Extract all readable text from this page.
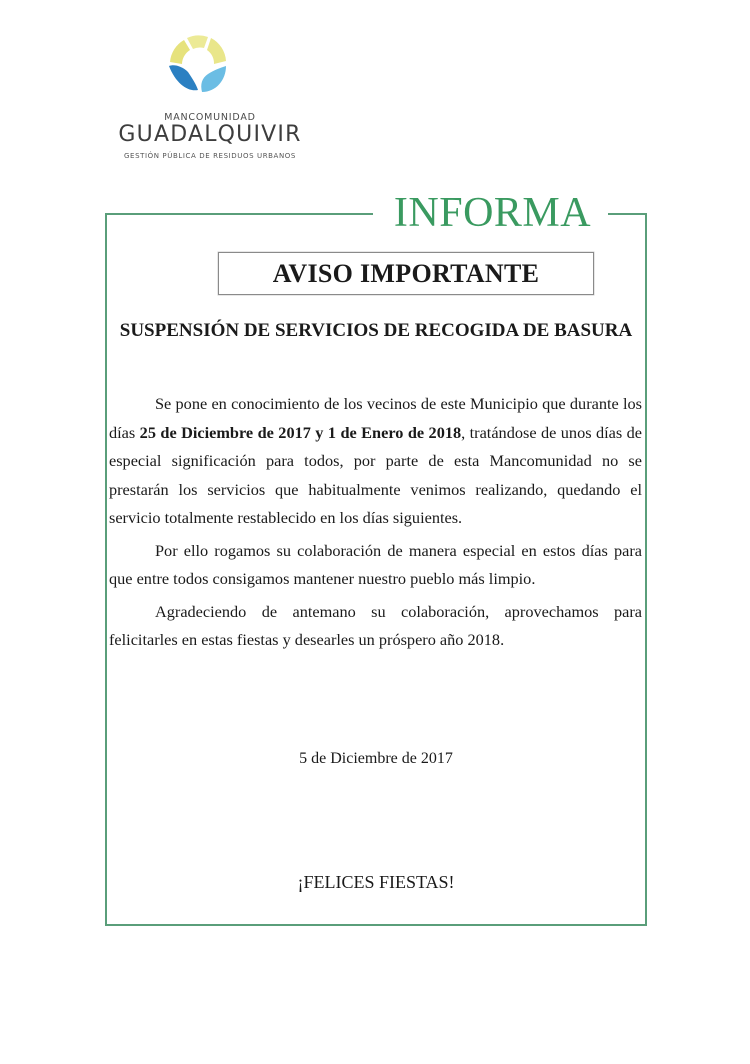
MANCOMUNIDAD
GUADALQUIVIR
GESTIÓN PÚBLICA DE RESIDUOS URBANOS
INFORMA
AVISO IMPORTANTE
SUSPENSIÓN DE SERVICIOS DE RECOGIDA DE BASURA

Se pone en conocimiento de los vecinos de este Municipio que durante los días 25 de Diciembre de 2017 y 1 de Enero de 2018, tratándose de unos días de especial significación para todos, por parte de esta Mancomunidad no se prestarán los servicios que habitualmente venimos realizando, quedando el servicio totalmente restablecido en los días siguientes.

Por ello rogamos su colaboración de manera especial en estos días para que entre todos consigamos mantener nuestro pueblo más limpio.

Agradeciendo de antemano su colaboración, aprovechamos para felicitarles en estas fiestas y desearles un próspero año 2018.

5 de Diciembre de 2017
¡FELICES FIESTAS!
